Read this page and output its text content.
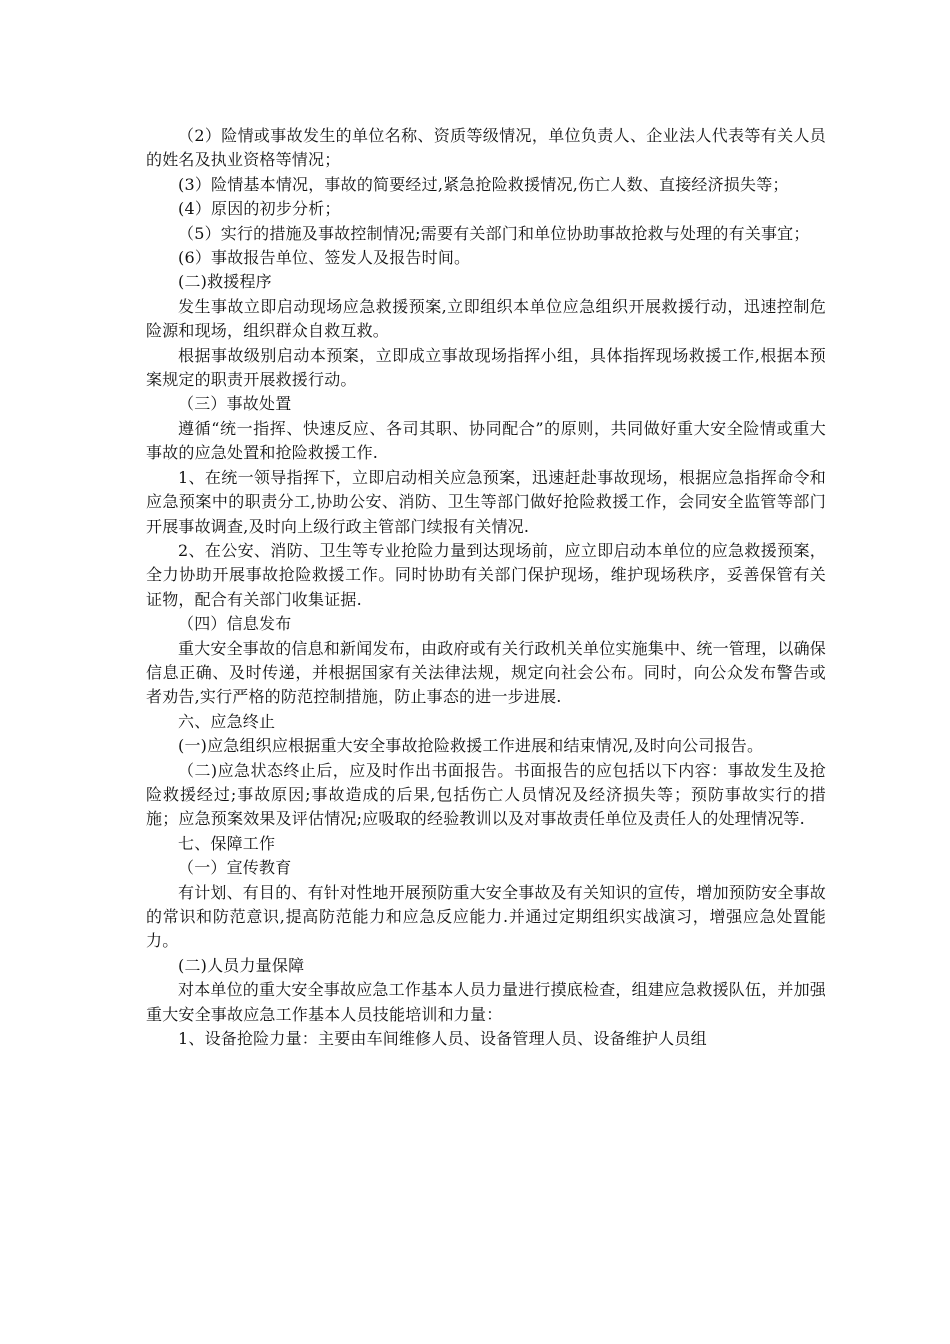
（2）险情或事故发生的单位名称、资质等级情况，单位负责人、企业法人代表等有关人员的姓名及执业资格等情况；

(3）险情基本情况，事故的简要经过,紧急抢险救援情况,伤亡人数、直接经济损失等；

(4）原因的初步分析；

（5）实行的措施及事故控制情况;需要有关部门和单位协助事故抢救与处理的有关事宜；

(6）事故报告单位、签发人及报告时间。

(二)救援程序

发生事故立即启动现场应急救援预案,立即组织本单位应急组织开展救援行动，迅速控制危险源和现场，组织群众自救互救。

根据事故级别启动本预案，立即成立事故现场指挥小组，具体指挥现场救援工作,根据本预案规定的职责开展救援行动。

（三）事故处置

遵循“统一指挥、快速反应、各司其职、协同配合”的原则，共同做好重大安全险情或重大事故的应急处置和抢险救援工作.

1、在统一领导指挥下，立即启动相关应急预案，迅速赶赴事故现场，根据应急指挥命令和应急预案中的职责分工,协助公安、消防、卫生等部门做好抢险救援工作，会同安全监管等部门开展事故调查,及时向上级行政主管部门续报有关情况.

2、在公安、消防、卫生等专业抢险力量到达现场前，应立即启动本单位的应急救援预案，全力协助开展事故抢险救援工作。同时协助有关部门保护现场，维护现场秩序，妥善保管有关证物，配合有关部门收集证据.

（四）信息发布

重大安全事故的信息和新闻发布，由政府或有关行政机关单位实施集中、统一管理，以确保信息正确、及时传递，并根据国家有关法律法规，规定向社会公布。同时，向公众发布警告或者劝告,实行严格的防范控制措施，防止事态的进一步进展.

六、应急终止

(一)应急组织应根据重大安全事故抢险救援工作进展和结束情况,及时向公司报告。

（二)应急状态终止后，应及时作出书面报告。书面报告的应包括以下内容：事故发生及抢险救援经过;事故原因;事故造成的后果,包括伤亡人员情况及经济损失等；预防事故实行的措施；应急预案效果及评估情况;应吸取的经验教训以及对事故责任单位及责任人的处理情况等.

七、保障工作

（一）宣传教育

有计划、有目的、有针对性地开展预防重大安全事故及有关知识的宣传，增加预防安全事故的常识和防范意识,提高防范能力和应急反应能力.并通过定期组织实战演习，增强应急处置能力。

(二)人员力量保障

对本单位的重大安全事故应急工作基本人员力量进行摸底检查，组建应急救援队伍，并加强重大安全事故应急工作基本人员技能培训和力量：

1、设备抢险力量：主要由车间维修人员、设备管理人员、设备维护人员组
